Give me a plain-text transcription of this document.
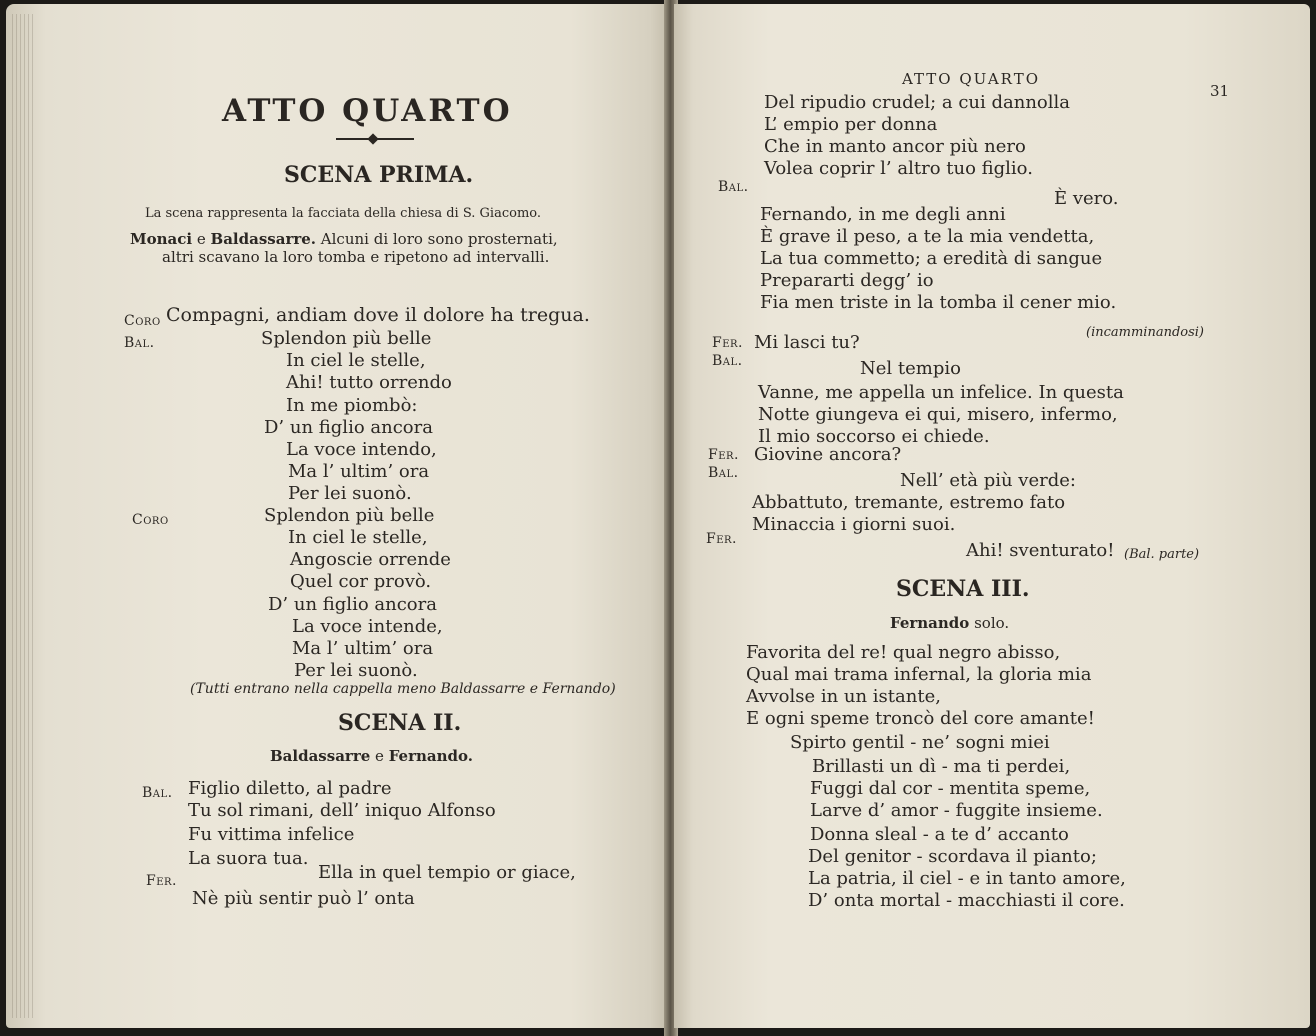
ATTO QUARTO
SCENA PRIMA.
La scena rappresenta la facciata della chiesa di S. Giacomo.
Monaci e Baldassarre. Alcuni di loro sono prosternati,
altri scavano la loro tomba e ripetono ad intervalli.
Coro Compagni, andiam dove il dolore ha tregua.
Bal.	Splendon più belle
In ciel le stelle,
Ahi! tutto orrendo
In me piombò:
D’ un figlio ancora
La voce intendo,
Ma l’ ultim’ ora
Per lei suonò.
Coro	Splendon più belle
In ciel le stelle,
Angoscie orrende
Quel cor provò.
D’ un figlio ancora
La voce intende,
Ma l’ ultim’ ora
Per lei suonò.
(Tutti entrano nella cappella meno Baldassarre e Fernando)
SCENA II.
Baldassarre e Fernando.
Bal. Figlio diletto, al padre
Tu sol rimani, dell’ iniquo Alfonso
Fu vittima infelice
La suora tua.
Fer.	Ella in quel tempio or giace,
Nè più sentir può l’ onta
ATTO QUARTO
31
Del ripudio crudel; a cui dannolla
L’ empio per donna
Che in manto ancor più nero
Volea coprir l’ altro tuo figlio.
Bal.
È vero.
Fernando, in me degli anni
È grave il peso, a te la mia vendetta,
La tua commetto; a eredità di sangue
Prepararti degg’ io
Fia men triste in la tomba il cener mio.
(incamminandosi)
Fer. Mi lasci tu?
Bal.	Nel tempio
Vanne, me appella un infelice. In questa
Notte giungeva ei qui, misero, infermo,
Il mio soccorso ei chiede.
Fer. Giovine ancora?
Bal.	Nell’ età più verde:
Abbattuto, tremante, estremo fato
Minaccia i giorni suoi.
Fer.
Ahi! sventurato! (Bal. parte)
SCENA III.
Fernando solo.
Favorita del re! qual negro abisso,
Qual mai trama infernal, la gloria mia
Avvolse in un istante,
E ogni speme troncò del core amante!
Spirto gentil - ne’ sogni miei
Brillasti un dì - ma ti perdei,
Fuggi dal cor - mentita speme,
Larve d’ amor - fuggite insieme.
Donna sleal - a te d’ accanto
Del genitor - scordava il pianto;
La patria, il ciel - e in tanto amore,
D’ onta mortal - macchiasti il core.
